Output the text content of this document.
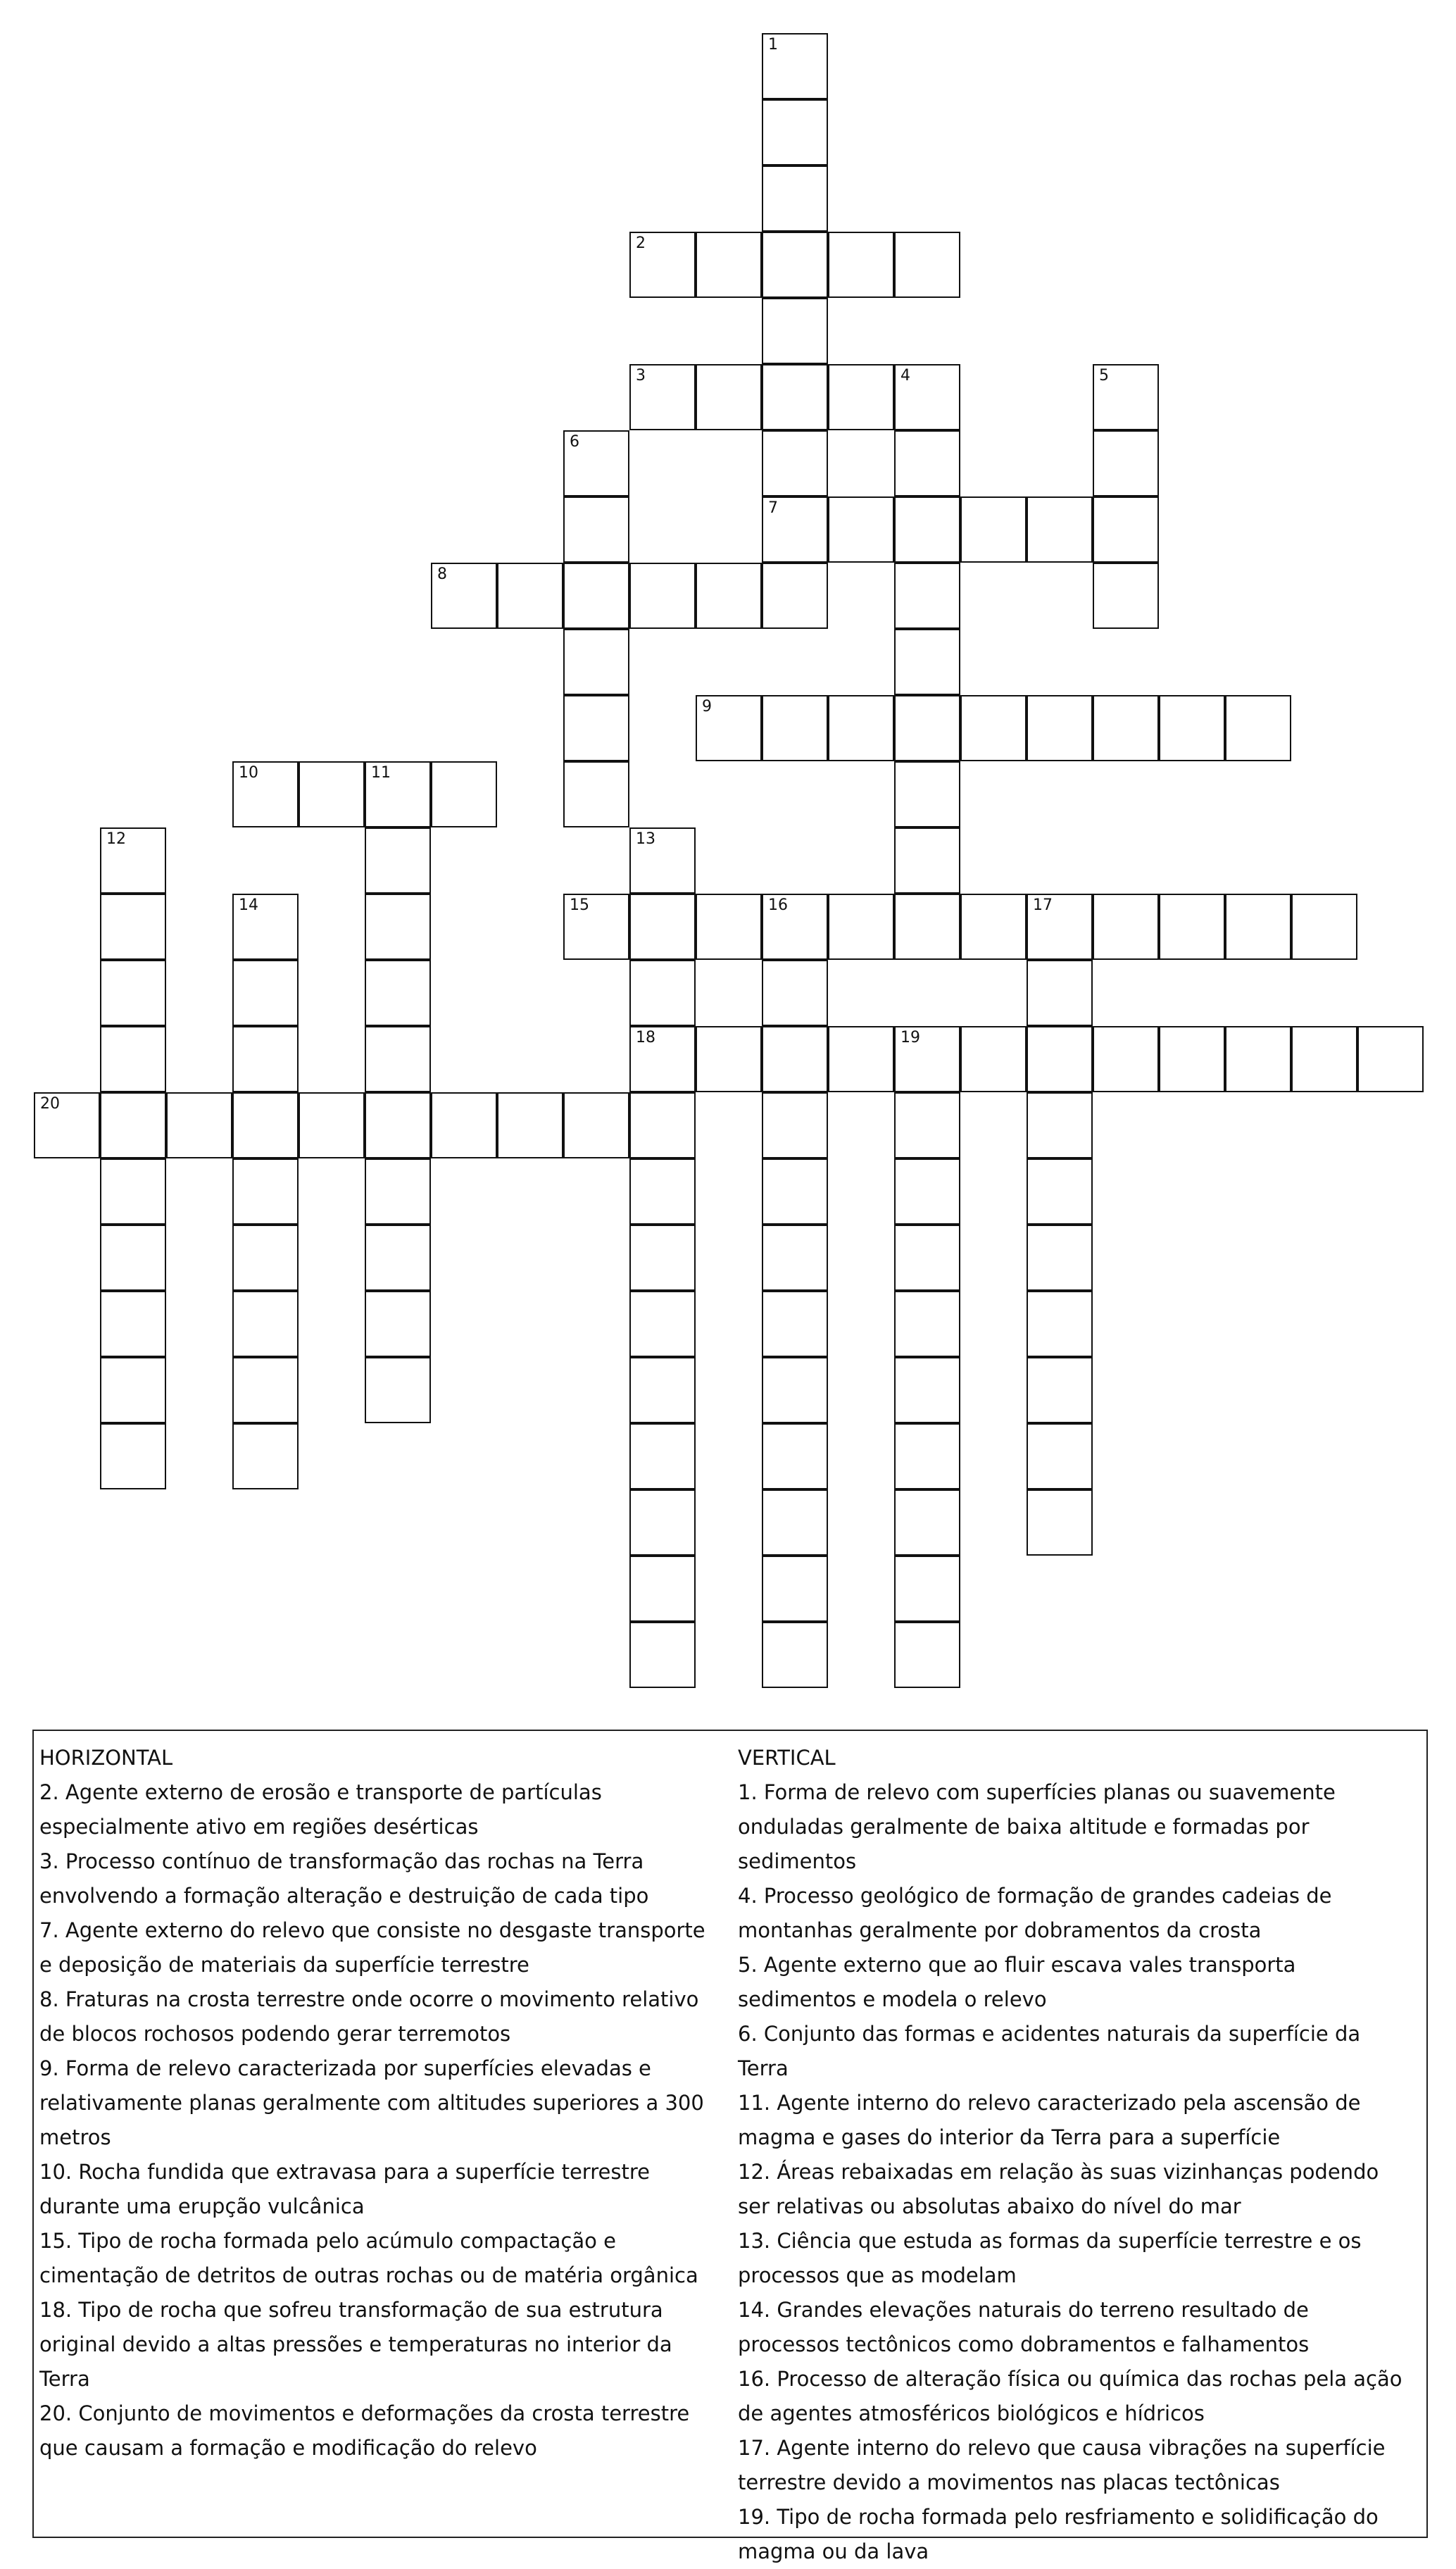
1
7
2
3	4	5
6
8
9
10	11
12	13
18
14	15	16	17
19
20
HORIZONTAL
2. Agente externo de erosão e transporte de partículas especialmente ativo em regiões desérticas
3. Processo contínuo de transformação das rochas na Terra envolvendo a formação alteração e destruição de cada tipo
7. Agente externo do relevo que consiste no desgaste transporte e deposição de materiais da superfície terrestre
8. Fraturas na crosta terrestre onde ocorre o movimento relativo de blocos rochosos podendo gerar terremotos
9. Forma de relevo caracterizada por superfícies elevadas e relativamente planas geralmente com altitudes superiores a 300 metros
10. Rocha fundida que extravasa para a superfície terrestre durante uma erupção vulcânica
15. Tipo de rocha formada pelo acúmulo compactação e cimentação de detritos de outras rochas ou de matéria orgânica
18. Tipo de rocha que sofreu transformação de sua estrutura original devido a altas pressões e temperaturas no interior da Terra
20. Conjunto de movimentos e deformações da crosta terrestre que causam a formação e modificação do relevo
VERTICAL
1. Forma de relevo com superfícies planas ou suavemente onduladas geralmente de baixa altitude e formadas por sedimentos
4. Processo geológico de formação de grandes cadeias de montanhas geralmente por dobramentos da crosta
5. Agente externo que ao fluir escava vales transporta sedimentos e modela o relevo
6. Conjunto das formas e acidentes naturais da superfície da Terra
11. Agente interno do relevo caracterizado pela ascensão de magma e gases do interior da Terra para a superfície
12. Áreas rebaixadas em relação às suas vizinhanças podendo ser relativas ou absolutas abaixo do nível do mar
13. Ciência que estuda as formas da superfície terrestre e os processos que as modelam
14. Grandes elevações naturais do terreno resultado de processos tectônicos como dobramentos e falhamentos
16. Processo de alteração física ou química das rochas pela ação de agentes atmosféricos biológicos e hídricos
17. Agente interno do relevo que causa vibrações na superfície terrestre devido a movimentos nas placas tectônicas
19. Tipo de rocha formada pelo resfriamento e solidificação do magma ou da lava
